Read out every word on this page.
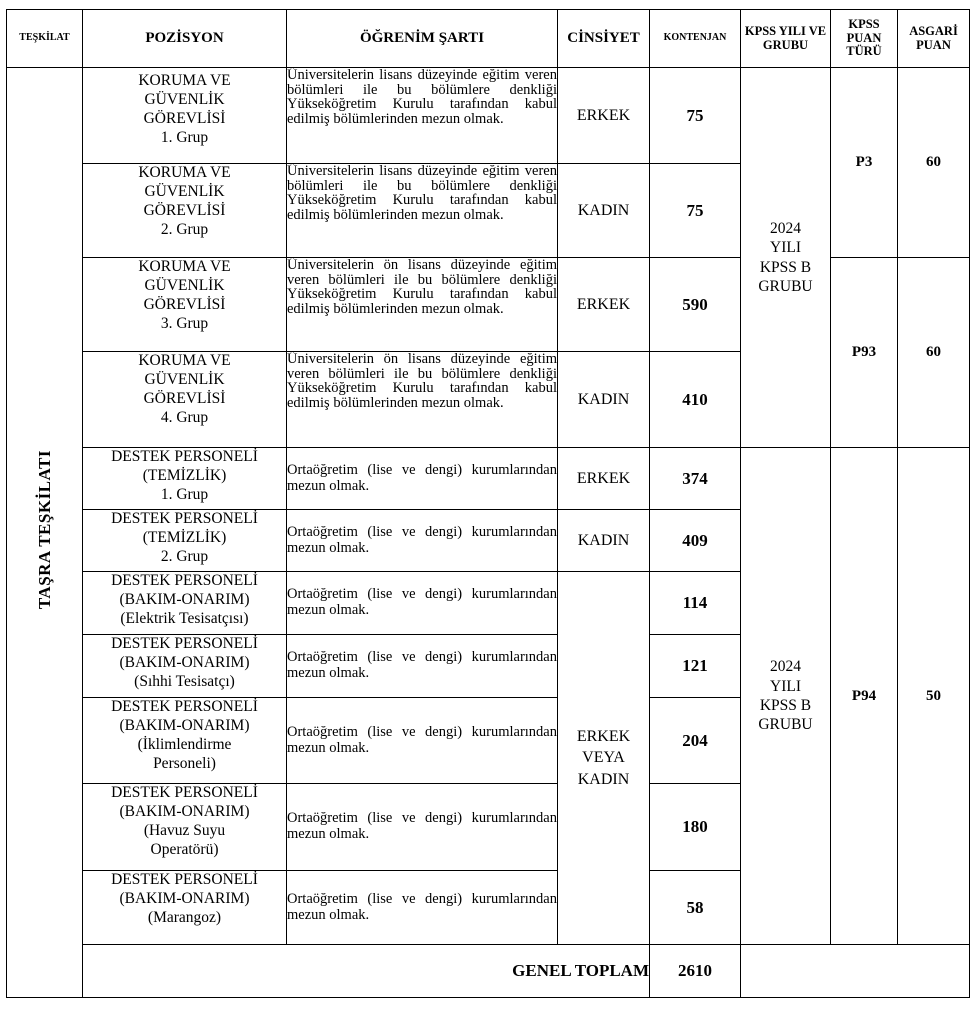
TEŞKİLAT	POZİSYON	ÖĞRENİM ŞARTI	CİNSİYET	KONTENJAN	KPSS YILI VE GRUBU	KPSS PUAN TÜRÜ	ASGARİ PUAN
TAŞRA TEŞKİLATI	KORUMA VE
GÜVENLİK
GÖREVLİSİ
1. Grup	Üniversitelerin lisans düzeyinde eğitim veren bölümleri ile bu bölümlere denkliği Yükseköğretim Kurulu tarafından kabul edilmiş bölümlerinden mezun olmak.	ERKEK	75	2024
YILI
KPSS B
GRUBU	P3	60

	KORUMA VE
GÜVENLİK
GÖREVLİSİ
2. Grup	Üniversitelerin lisans düzeyinde eğitim veren bölümleri ile bu bölümlere denkliği Yükseköğretim Kurulu tarafından kabul edilmiş bölümlerinden mezun olmak.	KADIN	75			

	KORUMA VE
GÜVENLİK
GÖREVLİSİ
3. Grup	Üniversitelerin ön lisans düzeyinde eğitim veren bölümleri ile bu bölümlere denkliği Yükseköğretim Kurulu tarafından kabul edilmiş bölümlerinden mezun olmak.	ERKEK	590		P93	60

	KORUMA VE
GÜVENLİK
GÖREVLİSİ
4. Grup	Üniversitelerin ön lisans düzeyinde eğitim veren bölümleri ile bu bölümlere denkliği Yükseköğretim Kurulu tarafından kabul edilmiş bölümlerinden mezun olmak.	KADIN	410			

	DESTEK PERSONELİ
(TEMİZLİK)
1. Grup	Ortaöğretim (lise ve dengi) kurumlarından mezun olmak.	ERKEK	374	2024
YILI
KPSS B
GRUBU	P94	50

	DESTEK PERSONELİ
(TEMİZLİK)
2. Grup	Ortaöğretim (lise ve dengi) kurumlarından mezun olmak.	KADIN	409			

	DESTEK PERSONELİ
(BAKIM-ONARIM)
(Elektrik Tesisatçısı)	Ortaöğretim (lise ve dengi) kurumlarından mezun olmak.	ERKEK VEYA KADIN	114			

	DESTEK PERSONELİ
(BAKIM-ONARIM)
(Sıhhi Tesisatçı)	Ortaöğretim (lise ve dengi) kurumlarından mezun olmak.		121			

	DESTEK PERSONELİ
(BAKIM-ONARIM)
(İklimlendirme
Personeli)	Ortaöğretim (lise ve dengi) kurumlarından mezun olmak.		204			

	DESTEK PERSONELİ
(BAKIM-ONARIM)
(Havuz Suyu
Operatörü)	Ortaöğretim (lise ve dengi) kurumlarından mezun olmak.		180			

	DESTEK PERSONELİ
(BAKIM-ONARIM)
(Marangoz)	Ortaöğretim (lise ve dengi) kurumlarından mezun olmak.		58			
	GENEL TOPLAM			2610			
